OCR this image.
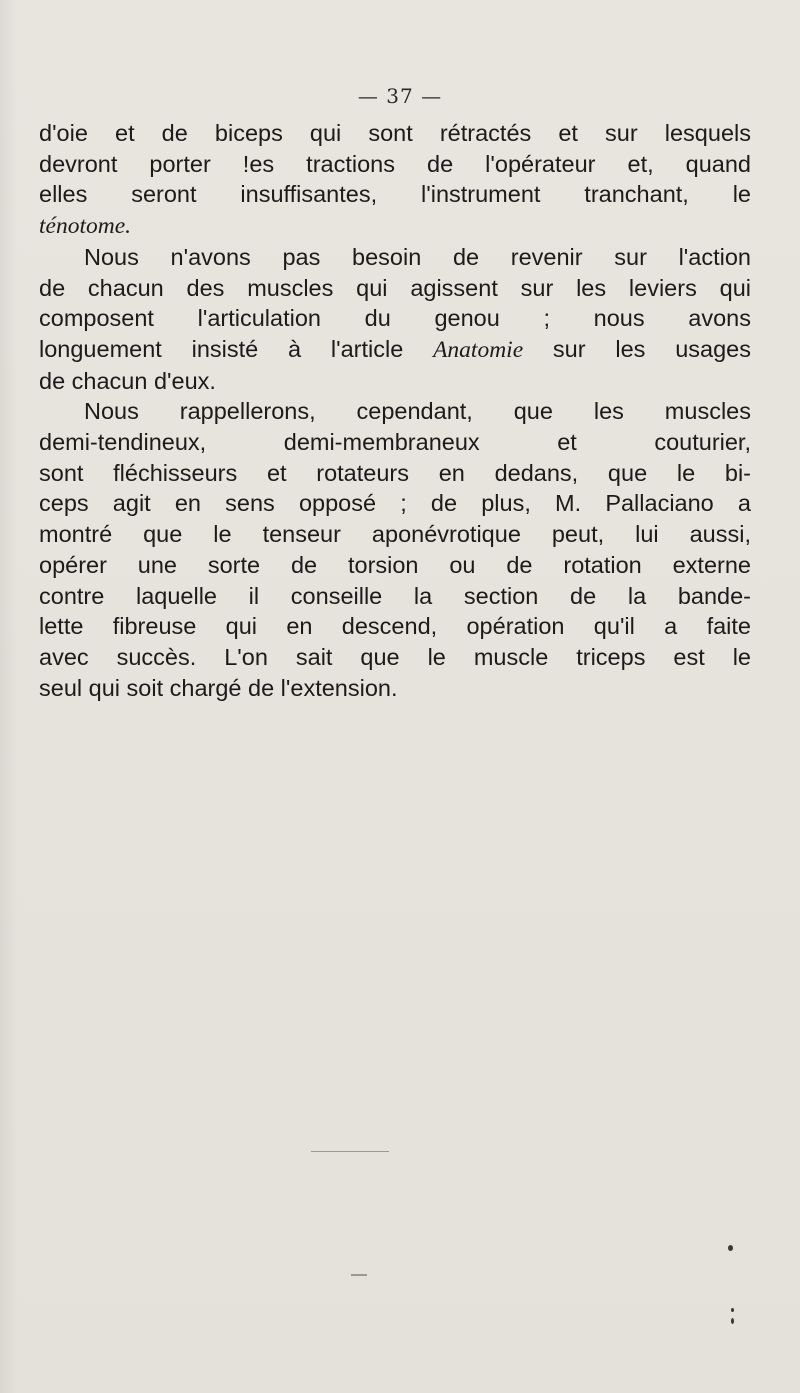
— 37 —
d'oie et de biceps qui sont rétractés et sur lesquels
devront porter !es tractions de l'opérateur et, quand
elles seront insuffisantes, l'instrument tranchant, le
ténotome.
Nous n'avons pas besoin de revenir sur l'action
de chacun des muscles qui agissent sur les leviers qui
composent l'articulation du genou ; nous avons
longuement insisté à l'article Anatomie sur les usages
de chacun d'eux.
Nous rappellerons, cependant, que les muscles
demi-tendineux, demi-membraneux et couturier,
sont fléchisseurs et rotateurs en dedans, que le bi-
ceps agit en sens opposé ; de plus, M. Pallaciano a
montré que le tenseur aponévrotique peut, lui aussi,
opérer une sorte de torsion ou de rotation externe
contre laquelle il conseille la section de la bande-
lette fibreuse qui en descend, opération qu'il a faite
avec succès. L'on sait que le muscle triceps est le
seul qui soit chargé de l'extension.
